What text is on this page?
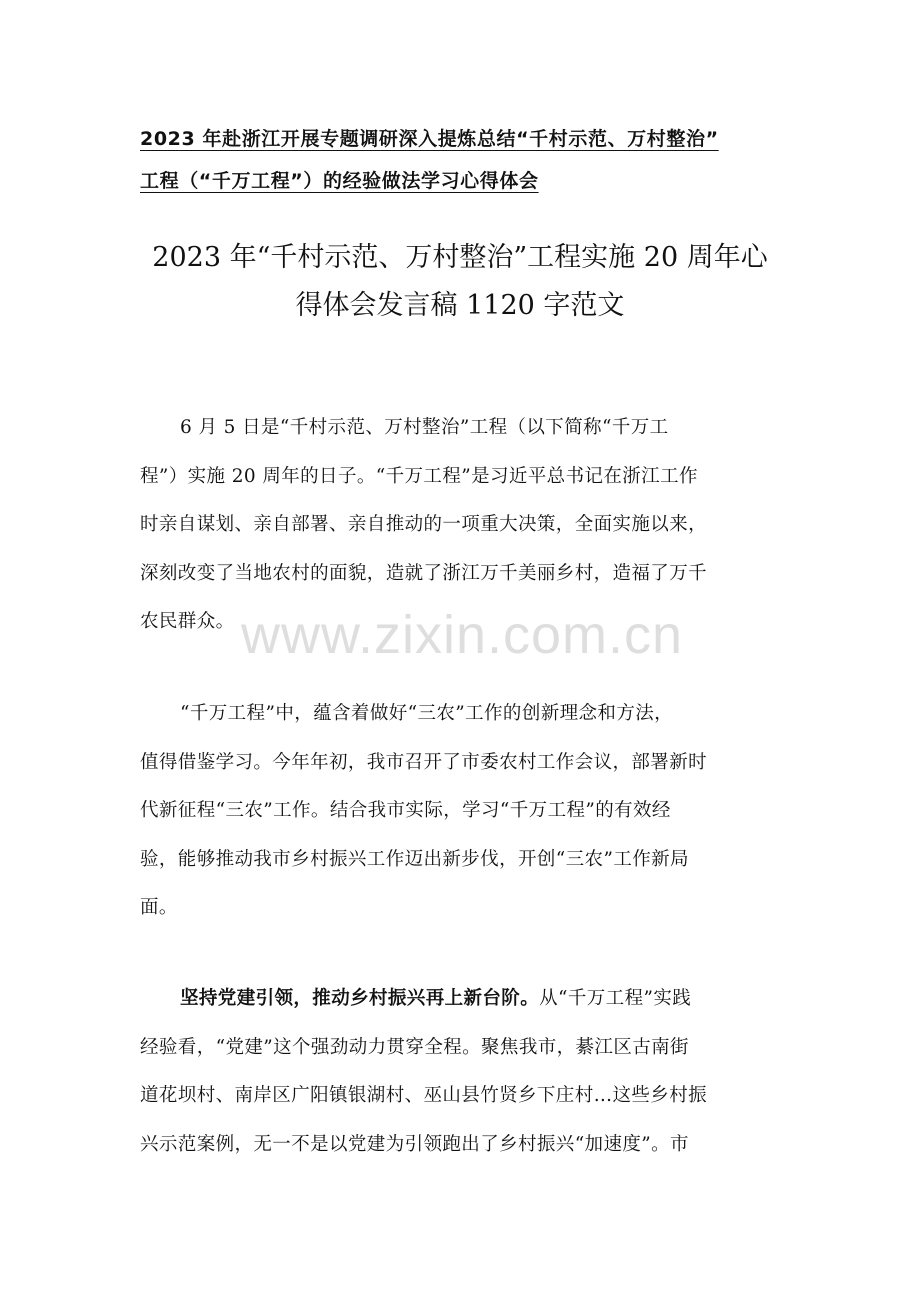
2023 年赴浙江开展专题调研深入提炼总结“千村示范、万村整治”
工程（“千万工程”）的经验做法学习心得体会
2023 年“千村示范、万村整治”工程实施 20 周年心
得体会发言稿 1120 字范文
6 月 5 日是“千村示范、万村整治”工程（以下简称“千万工
程”）实施 20 周年的日子。“千万工程”是习近平总书记在浙江工作
时亲自谋划、亲自部署、亲自推动的一项重大决策，全面实施以来，
深刻改变了当地农村的面貌，造就了浙江万千美丽乡村，造福了万千
农民群众。
“千万工程”中，蕴含着做好“三农”工作的创新理念和方法，
值得借鉴学习。今年年初，我市召开了市委农村工作会议，部署新时
代新征程“三农”工作。结合我市实际，学习“千万工程”的有效经
验，能够推动我市乡村振兴工作迈出新步伐，开创“三农”工作新局
面。
坚持党建引领，推动乡村振兴再上新台阶。从“千万工程”实践
经验看，“党建”这个强劲动力贯穿全程。聚焦我市，綦江区古南街
道花坝村、南岸区广阳镇银湖村、巫山县竹贤乡下庄村…这些乡村振
兴示范案例，无一不是以党建为引领跑出了乡村振兴“加速度”。市
www.zixin.com.cn
